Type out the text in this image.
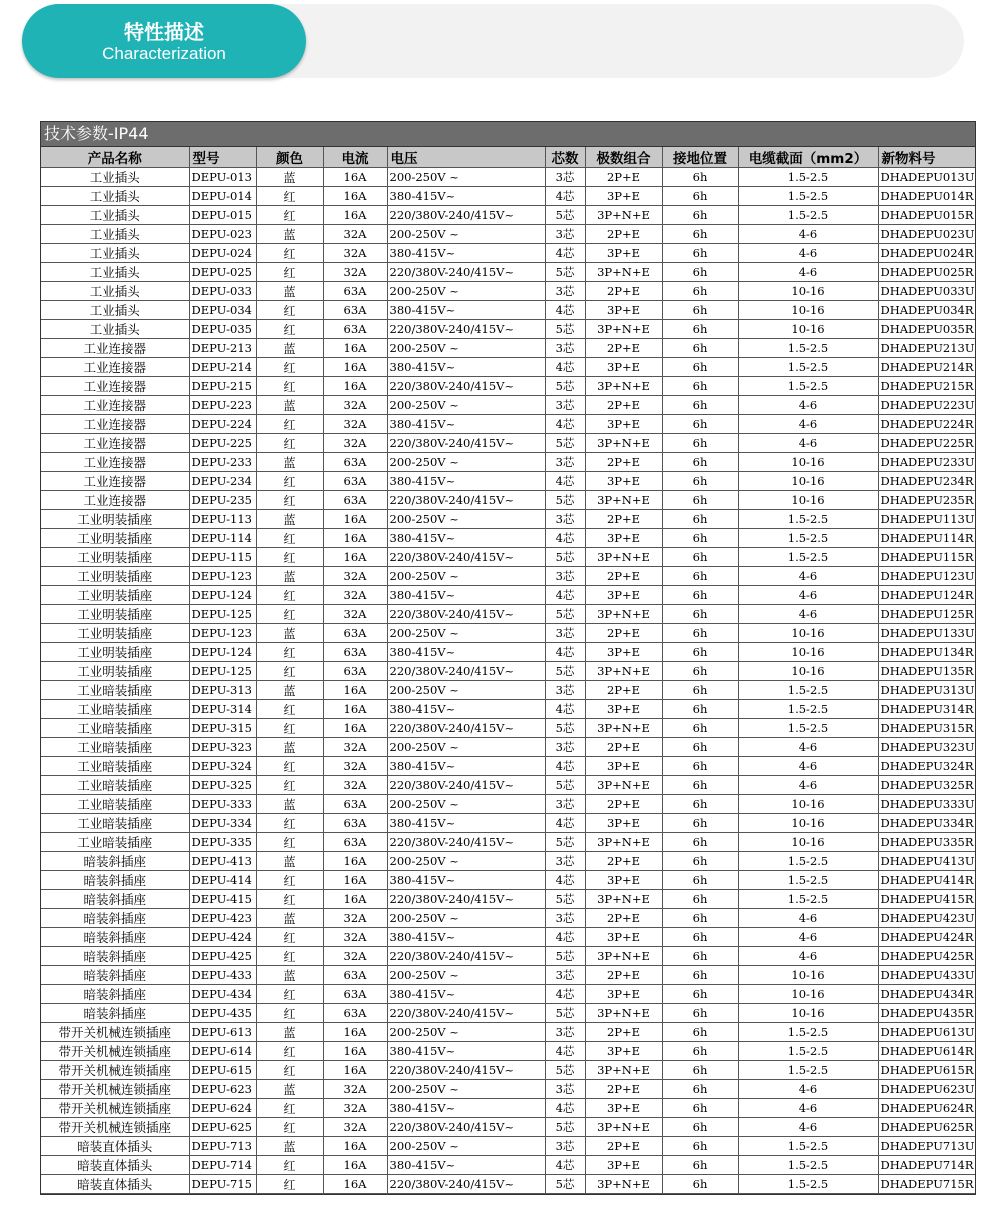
特性描述
Characterization
技术参数-IP44
产品名称	型号	颜色	电流	电压	芯数	极数组合	接地位置	电缆截面（mm2）	新物料号
工业插头	DEPU-013	蓝	16A	200-250V ~	3芯	2P+E	6h	1.5-2.5	DHADEPU013U
工业插头	DEPU-014	红	16A	380-415V~	4芯	3P+E	6h	1.5-2.5	DHADEPU014R
工业插头	DEPU-015	红	16A	220/380V-240/415V~	5芯	3P+N+E	6h	1.5-2.5	DHADEPU015R
工业插头	DEPU-023	蓝	32A	200-250V ~	3芯	2P+E	6h	4-6	DHADEPU023U
工业插头	DEPU-024	红	32A	380-415V~	4芯	3P+E	6h	4-6	DHADEPU024R
工业插头	DEPU-025	红	32A	220/380V-240/415V~	5芯	3P+N+E	6h	4-6	DHADEPU025R
工业插头	DEPU-033	蓝	63A	200-250V ~	3芯	2P+E	6h	10-16	DHADEPU033U
工业插头	DEPU-034	红	63A	380-415V~	4芯	3P+E	6h	10-16	DHADEPU034R
工业插头	DEPU-035	红	63A	220/380V-240/415V~	5芯	3P+N+E	6h	10-16	DHADEPU035R
工业连接器	DEPU-213	蓝	16A	200-250V ~	3芯	2P+E	6h	1.5-2.5	DHADEPU213U
工业连接器	DEPU-214	红	16A	380-415V~	4芯	3P+E	6h	1.5-2.5	DHADEPU214R
工业连接器	DEPU-215	红	16A	220/380V-240/415V~	5芯	3P+N+E	6h	1.5-2.5	DHADEPU215R
工业连接器	DEPU-223	蓝	32A	200-250V ~	3芯	2P+E	6h	4-6	DHADEPU223U
工业连接器	DEPU-224	红	32A	380-415V~	4芯	3P+E	6h	4-6	DHADEPU224R
工业连接器	DEPU-225	红	32A	220/380V-240/415V~	5芯	3P+N+E	6h	4-6	DHADEPU225R
工业连接器	DEPU-233	蓝	63A	200-250V ~	3芯	2P+E	6h	10-16	DHADEPU233U
工业连接器	DEPU-234	红	63A	380-415V~	4芯	3P+E	6h	10-16	DHADEPU234R
工业连接器	DEPU-235	红	63A	220/380V-240/415V~	5芯	3P+N+E	6h	10-16	DHADEPU235R
工业明装插座	DEPU-113	蓝	16A	200-250V ~	3芯	2P+E	6h	1.5-2.5	DHADEPU113U
工业明装插座	DEPU-114	红	16A	380-415V~	4芯	3P+E	6h	1.5-2.5	DHADEPU114R
工业明装插座	DEPU-115	红	16A	220/380V-240/415V~	5芯	3P+N+E	6h	1.5-2.5	DHADEPU115R
工业明装插座	DEPU-123	蓝	32A	200-250V ~	3芯	2P+E	6h	4-6	DHADEPU123U
工业明装插座	DEPU-124	红	32A	380-415V~	4芯	3P+E	6h	4-6	DHADEPU124R
工业明装插座	DEPU-125	红	32A	220/380V-240/415V~	5芯	3P+N+E	6h	4-6	DHADEPU125R
工业明装插座	DEPU-123	蓝	63A	200-250V ~	3芯	2P+E	6h	10-16	DHADEPU133U
工业明装插座	DEPU-124	红	63A	380-415V~	4芯	3P+E	6h	10-16	DHADEPU134R
工业明装插座	DEPU-125	红	63A	220/380V-240/415V~	5芯	3P+N+E	6h	10-16	DHADEPU135R
工业暗装插座	DEPU-313	蓝	16A	200-250V ~	3芯	2P+E	6h	1.5-2.5	DHADEPU313U
工业暗装插座	DEPU-314	红	16A	380-415V~	4芯	3P+E	6h	1.5-2.5	DHADEPU314R
工业暗装插座	DEPU-315	红	16A	220/380V-240/415V~	5芯	3P+N+E	6h	1.5-2.5	DHADEPU315R
工业暗装插座	DEPU-323	蓝	32A	200-250V ~	3芯	2P+E	6h	4-6	DHADEPU323U
工业暗装插座	DEPU-324	红	32A	380-415V~	4芯	3P+E	6h	4-6	DHADEPU324R
工业暗装插座	DEPU-325	红	32A	220/380V-240/415V~	5芯	3P+N+E	6h	4-6	DHADEPU325R
工业暗装插座	DEPU-333	蓝	63A	200-250V ~	3芯	2P+E	6h	10-16	DHADEPU333U
工业暗装插座	DEPU-334	红	63A	380-415V~	4芯	3P+E	6h	10-16	DHADEPU334R
工业暗装插座	DEPU-335	红	63A	220/380V-240/415V~	5芯	3P+N+E	6h	10-16	DHADEPU335R
暗装斜插座	DEPU-413	蓝	16A	200-250V ~	3芯	2P+E	6h	1.5-2.5	DHADEPU413U
暗装斜插座	DEPU-414	红	16A	380-415V~	4芯	3P+E	6h	1.5-2.5	DHADEPU414R
暗装斜插座	DEPU-415	红	16A	220/380V-240/415V~	5芯	3P+N+E	6h	1.5-2.5	DHADEPU415R
暗装斜插座	DEPU-423	蓝	32A	200-250V ~	3芯	2P+E	6h	4-6	DHADEPU423U
暗装斜插座	DEPU-424	红	32A	380-415V~	4芯	3P+E	6h	4-6	DHADEPU424R
暗装斜插座	DEPU-425	红	32A	220/380V-240/415V~	5芯	3P+N+E	6h	4-6	DHADEPU425R
暗装斜插座	DEPU-433	蓝	63A	200-250V ~	3芯	2P+E	6h	10-16	DHADEPU433U
暗装斜插座	DEPU-434	红	63A	380-415V~	4芯	3P+E	6h	10-16	DHADEPU434R
暗装斜插座	DEPU-435	红	63A	220/380V-240/415V~	5芯	3P+N+E	6h	10-16	DHADEPU435R
带开关机械连锁插座	DEPU-613	蓝	16A	200-250V ~	3芯	2P+E	6h	1.5-2.5	DHADEPU613U
带开关机械连锁插座	DEPU-614	红	16A	380-415V~	4芯	3P+E	6h	1.5-2.5	DHADEPU614R
带开关机械连锁插座	DEPU-615	红	16A	220/380V-240/415V~	5芯	3P+N+E	6h	1.5-2.5	DHADEPU615R
带开关机械连锁插座	DEPU-623	蓝	32A	200-250V ~	3芯	2P+E	6h	4-6	DHADEPU623U
带开关机械连锁插座	DEPU-624	红	32A	380-415V~	4芯	3P+E	6h	4-6	DHADEPU624R
带开关机械连锁插座	DEPU-625	红	32A	220/380V-240/415V~	5芯	3P+N+E	6h	4-6	DHADEPU625R
暗装直体插头	DEPU-713	蓝	16A	200-250V ~	3芯	2P+E	6h	1.5-2.5	DHADEPU713U
暗装直体插头	DEPU-714	红	16A	380-415V~	4芯	3P+E	6h	1.5-2.5	DHADEPU714R
暗装直体插头	DEPU-715	红	16A	220/380V-240/415V~	5芯	3P+N+E	6h	1.5-2.5	DHADEPU715R
